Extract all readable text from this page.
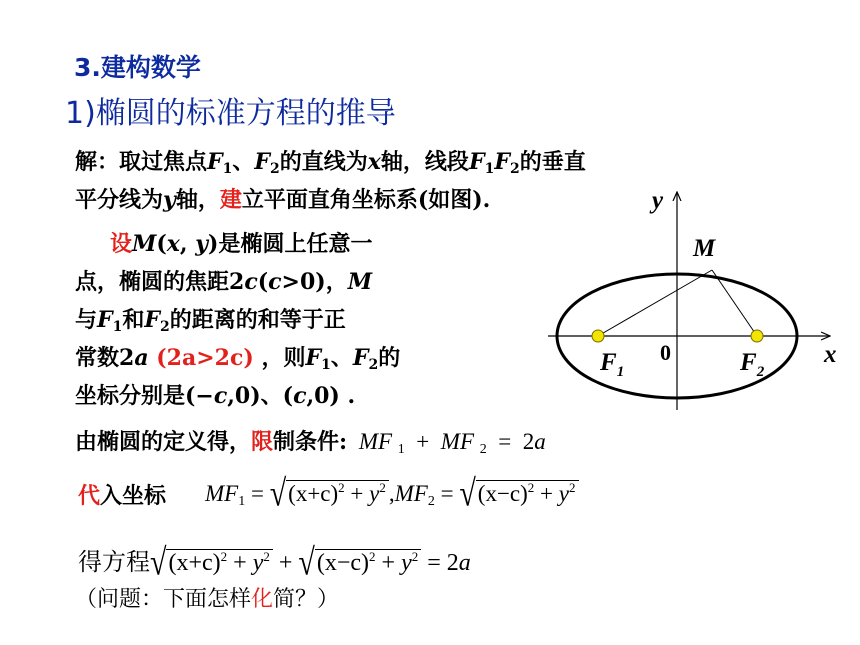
3.建构数学
1)椭圆的标准方程的推导
解：取过焦点$F_1$、$F_2$的直线为x轴，线段$F_1F_2$的垂直
平分线为y轴，建立平面直角坐标系(如图).
设M(x, y)是椭圆上任意一
点，椭圆的焦距2c(c>0)，M
与$F_1$和$F_2$的距离的和等于正
常数2a (2a>2c) ，则$F_1$、$F_2$的
坐标分别是(−c,0)、(c,0) .
由椭圆的定义得，限制条件: MF $_1$ + MF $_2$ = 2a
代入坐标 $MF_1 = √(x+c)^2 + y^2$ $,MF_2 = √(x-c)^2 + y^2$
得方程$√(x+c)^2 + y^2 + √(x-c)^2 + y^2 = 2a$
（问题：下面怎样化简？）
y
x
0
M
$F_1$	$F_2$
